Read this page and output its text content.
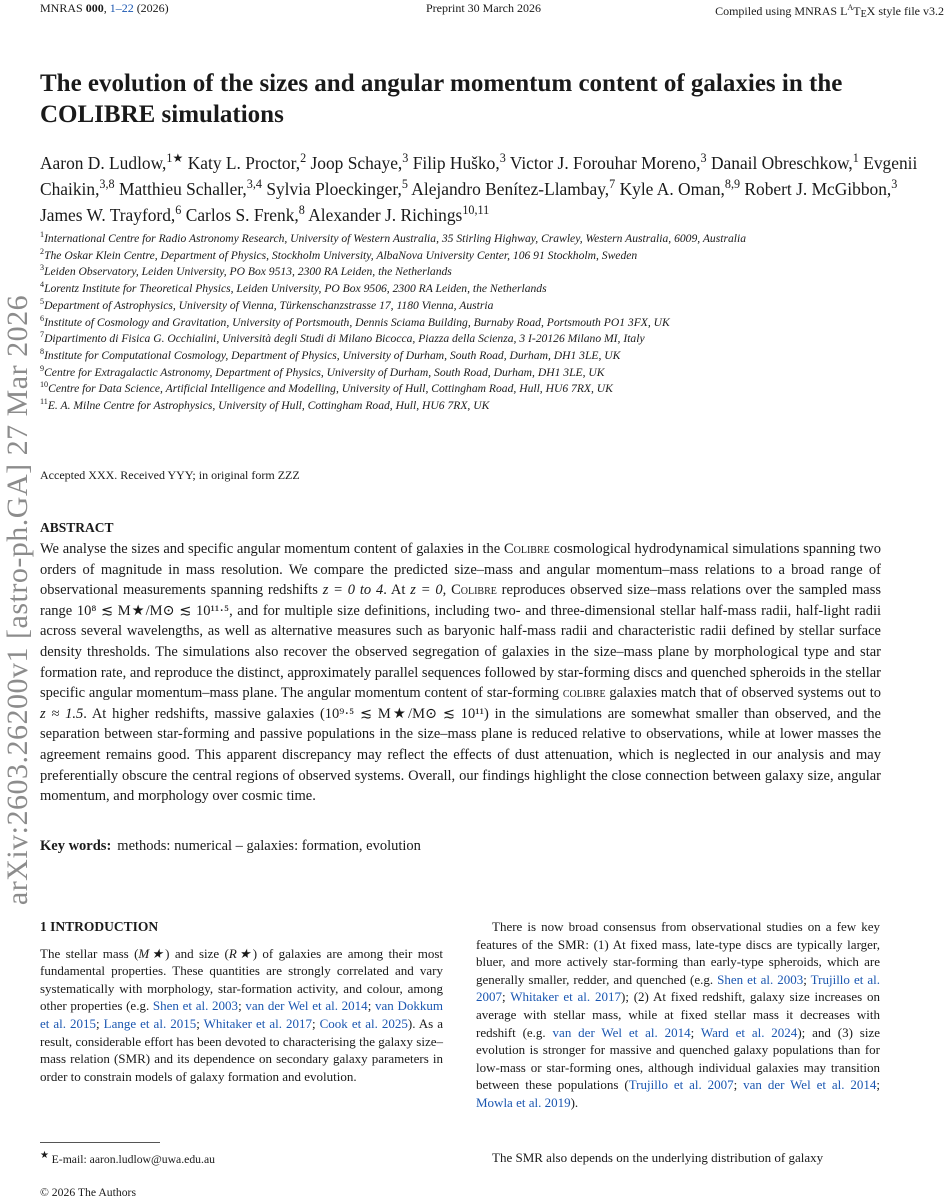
MNRAS 000, 1–22 (2026)	Preprint 30 March 2026	Compiled using MNRAS $L^ATEX$ style file v3.2
arXiv:2603.26200v1 [astro-ph.GA] 27 Mar 2026
The evolution of the sizes and angular momentum content of galaxies in the COLIBRE simulations
Aaron D. Ludlow,$^{1★}$ Katy L. Proctor,$^2$ Joop Schaye,$^3$ Filip Huško,$^3$ Victor J. Forouhar Moreno,$^3$ Danail Obreschkow,$^1$ Evgenii Chaikin,$^{3,8}$ Matthieu Schaller,$^{3,4}$ Sylvia Ploeckinger,$^5$ Alejandro Benítez-Llambay,$^7$ Kyle A. Oman,$^{8,9}$ Robert J. McGibbon,$^3$ James W. Trayford,$^6$ Carlos S. Frenk,$^8$ Alexander J. Richings$^{10,11}$
$^1$International Centre for Radio Astronomy Research, University of Western Australia, 35 Stirling Highway, Crawley, Western Australia, 6009, Australia
$^2$The Oskar Klein Centre, Department of Physics, Stockholm University, AlbaNova University Center, 106 91 Stockholm, Sweden
$^3$Leiden Observatory, Leiden University, PO Box 9513, 2300 RA Leiden, the Netherlands
$^4$Lorentz Institute for Theoretical Physics, Leiden University, PO Box 9506, 2300 RA Leiden, the Netherlands
$^5$Department of Astrophysics, University of Vienna, Türkenschanzstrasse 17, 1180 Vienna, Austria
$^6$Institute of Cosmology and Gravitation, University of Portsmouth, Dennis Sciama Building, Burnaby Road, Portsmouth PO1 3FX, UK
$^7$Dipartimento di Fisica G. Occhialini, Università degli Studi di Milano Bicocca, Piazza della Scienza, 3 I-20126 Milano MI, Italy
$^8$Institute for Computational Cosmology, Department of Physics, University of Durham, South Road, Durham, DH1 3LE, UK
$^9$Centre for Extragalactic Astronomy, Department of Physics, University of Durham, South Road, Durham, DH1 3LE, UK
$^{10}$Centre for Data Science, Artificial Intelligence and Modelling, University of Hull, Cottingham Road, Hull, HU6 7RX, UK
$^{11}$E. A. Milne Centre for Astrophysics, University of Hull, Cottingham Road, Hull, HU6 7RX, UK
Accepted XXX. Received YYY; in original form ZZZ
ABSTRACT

We analyse the sizes and specific angular momentum content of galaxies in the Colibre cosmological hydrodynamical simulations spanning two orders of magnitude in mass resolution. We compare the predicted size–mass and angular momentum–mass relations to a broad range of observational measurements spanning redshifts z = 0 to 4. At z = 0, Colibre reproduces observed size–mass relations over the sampled mass range 10⁸ ≲ M★/M⊙ ≲ 10¹¹·⁵, and for multiple size definitions, including two- and three-dimensional stellar half-mass radii, half-light radii across several wavelengths, as well as alternative measures such as baryonic half-mass radii and characteristic radii defined by stellar surface density thresholds. The simulations also recover the observed segregation of galaxies in the size–mass plane by morphological type and star formation rate, and reproduce the distinct, approximately parallel sequences followed by star-forming discs and quenched spheroids in the stellar specific angular momentum–mass plane. The angular momentum content of star-forming colibre galaxies match that of observed systems out to z ≈ 1.5. At higher redshifts, massive galaxies (10⁹·⁵ ≲ M★/M⊙ ≲ 10¹¹) in the simulations are somewhat smaller than observed, and the separation between star-forming and passive populations in the size–mass plane is reduced relative to observations, while at lower masses the agreement remains good. This apparent discrepancy may reflect the effects of dust attenuation, which is neglected in our analysis and may preferentially obscure the central regions of observed systems. Overall, our findings highlight the close connection between galaxy size, angular momentum, and morphology over cosmic time.

Key words: methods: numerical – galaxies: formation, evolution
1 INTRODUCTION

The stellar mass (M★) and size (R★) of galaxies are among their most fundamental properties. These quantities are strongly correlated and vary systematically with morphology, star-formation activity, and colour, among other properties (e.g. Shen et al. 2003; van der Wel et al. 2014; van Dokkum et al. 2015; Lange et al. 2015; Whitaker et al. 2017; Cook et al. 2025). As a result, considerable effort has been devoted to characterising the galaxy size–mass relation (SMR) and its dependence on secondary galaxy parameters in order to constrain models of galaxy formation and evolution.

There is now broad consensus from observational studies on a few key features of the SMR: (1) At fixed mass, late-type discs are typically larger, bluer, and more actively star-forming than early-type spheroids, which are generally smaller, redder, and quenched (e.g. Shen et al. 2003; Trujillo et al. 2007; Whitaker et al. 2017); (2) At fixed redshift, galaxy size increases on average with stellar mass, while at fixed stellar mass it decreases with redshift (e.g. van der Wel et al. 2014; Ward et al. 2024); and (3) size evolution is stronger for massive and quenched galaxy populations than for low-mass or star-forming ones, although individual galaxies may transition between these populations (Trujillo et al. 2007; van der Wel et al. 2014; Mowla et al. 2019).

★ E-mail: aaron.ludlow@uwa.edu.au	The SMR also depends on the underlying distribution of galaxy
© 2026 The Authors
